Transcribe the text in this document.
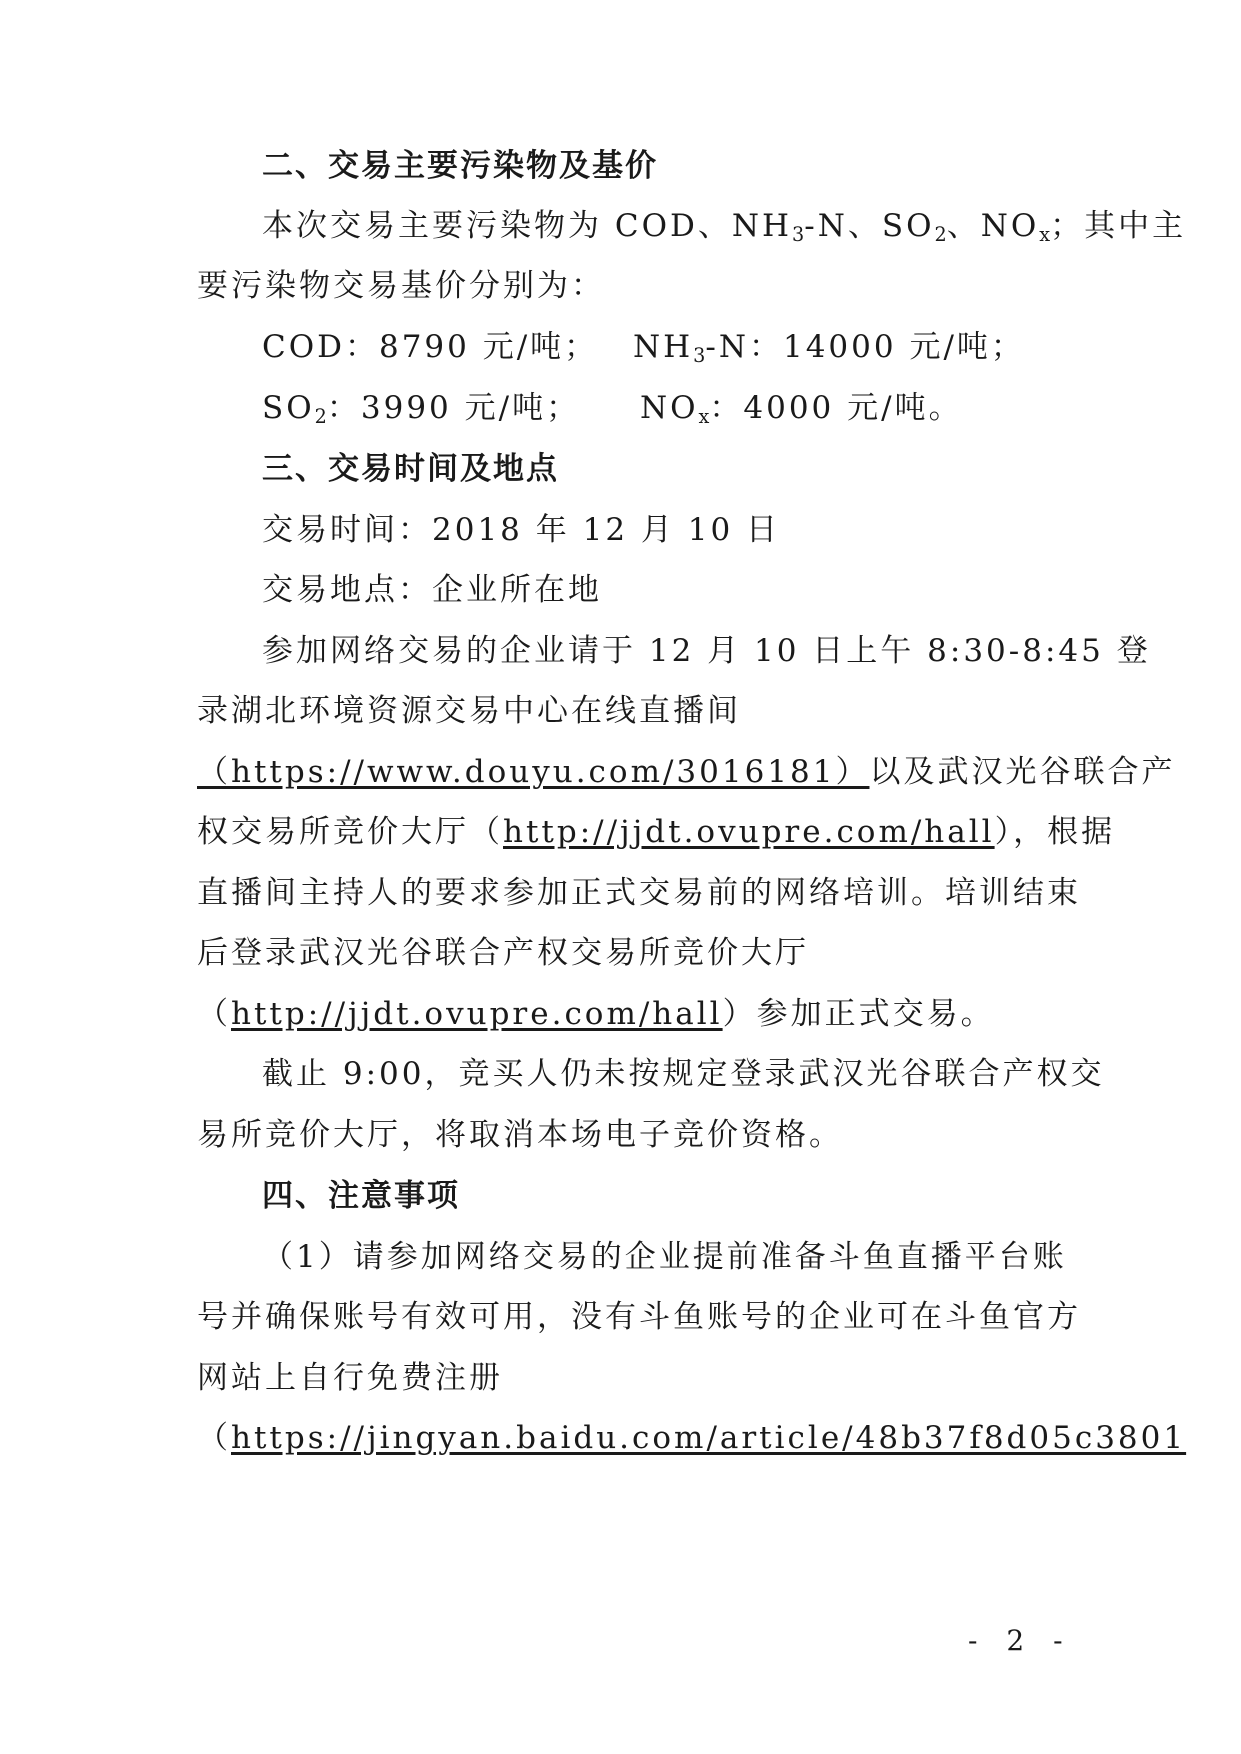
二、交易主要污染物及基价
本次交易主要污染物为 COD、$NH_3-N$、$SO_2$、$NO_x$；其中主
要污染物交易基价分别为：
COD：8790 元/吨； $NH_3-N$：14000 元/吨；
$SO_2$：3990 元/吨； $NO_x$：4000 元/吨。
三、交易时间及地点
交易时间：2018 年 12 月 10 日
交易地点：企业所在地
参加网络交易的企业请于 12 月 10 日上午 8:30-8:45 登
录湖北环境资源交易中心在线直播间
（https://www.douyu.com/3016181）以及武汉光谷联合产
权交易所竞价大厅（http://jjdt.ovupre.com/hall），根据
直播间主持人的要求参加正式交易前的网络培训。培训结束
后登录武汉光谷联合产权交易所竞价大厅
（http://jjdt.ovupre.com/hall）参加正式交易。
截止 9:00，竞买人仍未按规定登录武汉光谷联合产权交
易所竞价大厅，将取消本场电子竞价资格。
四、注意事项
（1）请参加网络交易的企业提前准备斗鱼直播平台账
号并确保账号有效可用，没有斗鱼账号的企业可在斗鱼官方
网站上自行免费注册
（https://jingyan.baidu.com/article/48b37f8d05c3801
- 2 -
